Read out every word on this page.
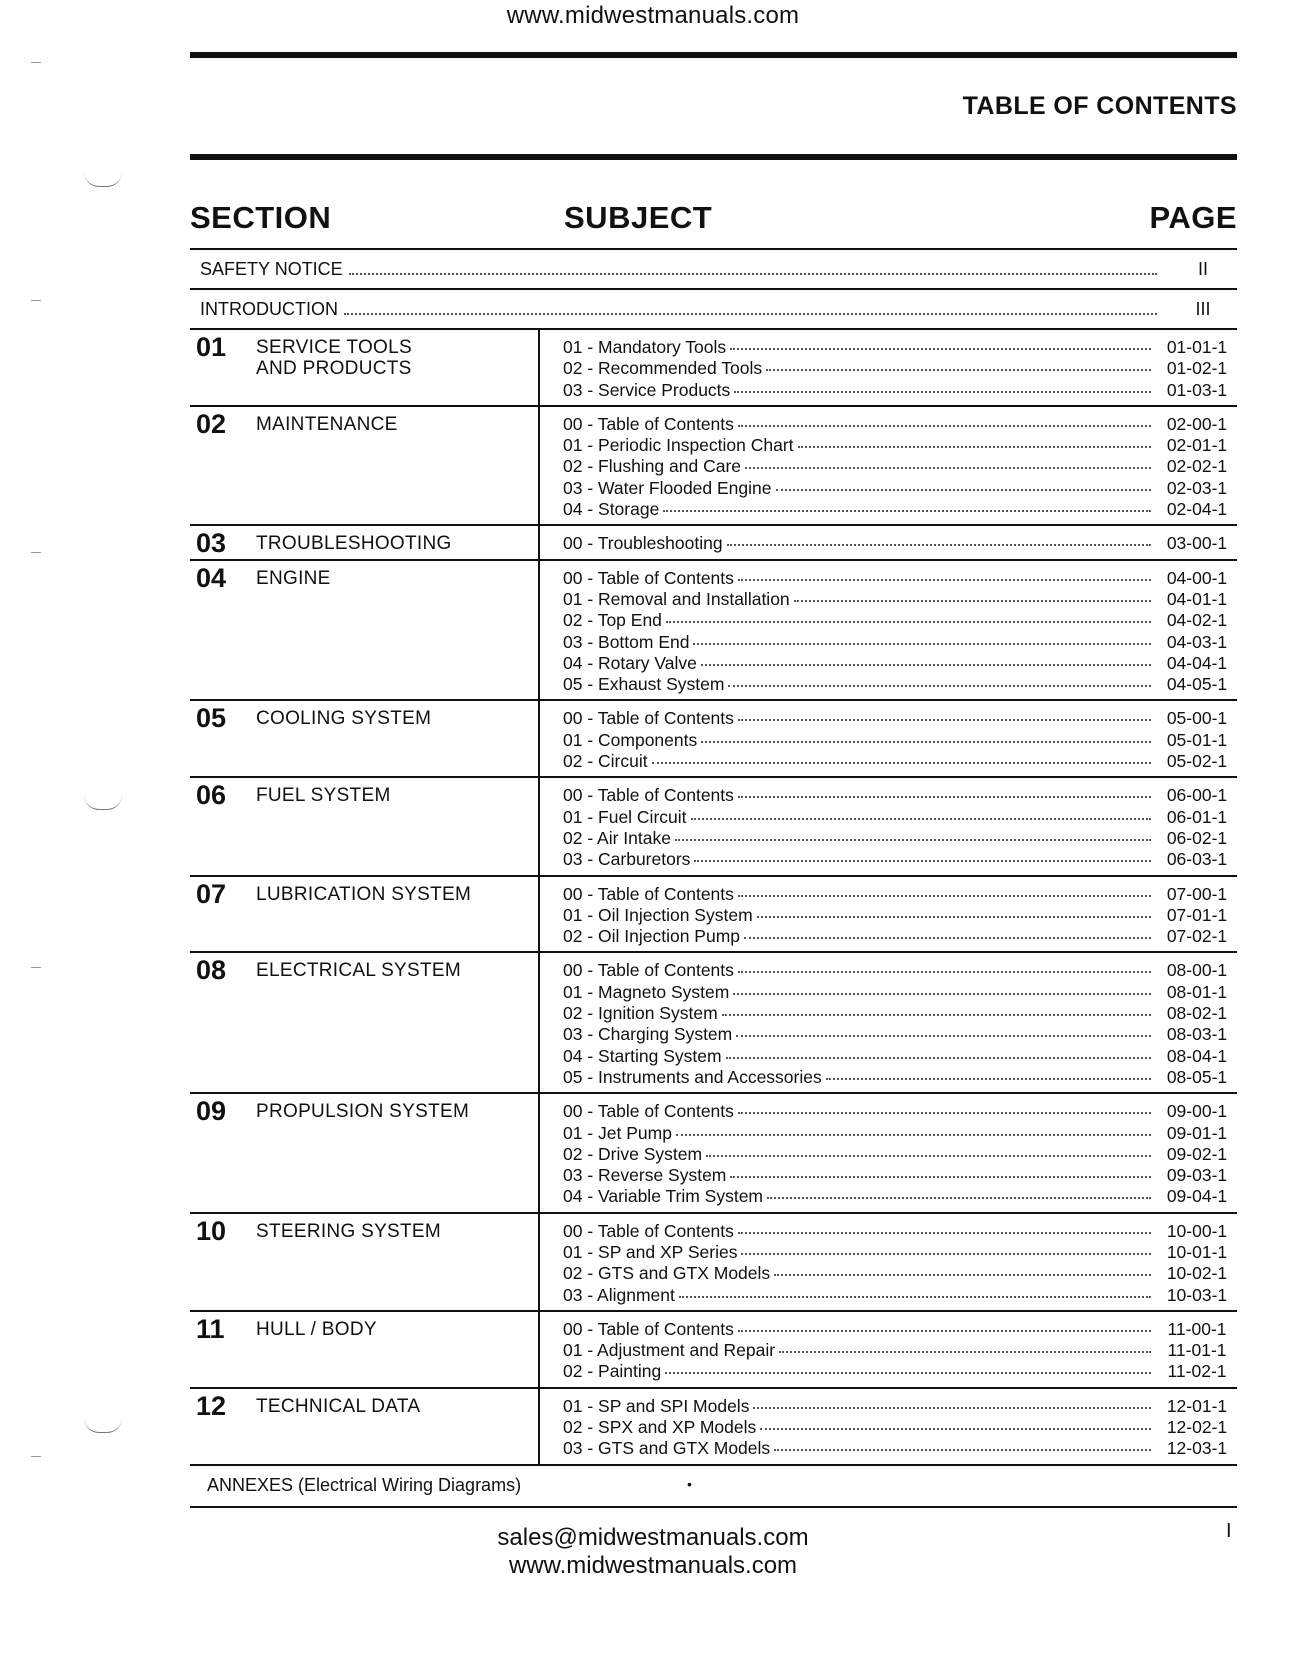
www.midwestmanuals.com
TABLE OF CONTENTS
SECTION	SUBJECT	PAGE
SAFETY NOTICE	II
INTRODUCTION	III
01	SERVICE TOOLS
AND PRODUCTS
01 - Mandatory Tools	01-01-1
02 - Recommended Tools	01-02-1
03 - Service Products	01-03-1
02	MAINTENANCE	00 - Table of Contents	02-00-1
01 - Periodic Inspection Chart	02-01-1
02 - Flushing and Care	02-02-1
03 - Water Flooded Engine	02-03-1
04 - Storage	02-04-1
03	TROUBLESHOOTING	00 - Troubleshooting	03-00-1
04	ENGINE	00 - Table of Contents	04-00-1
01 - Removal and Installation	04-01-1
02 - Top End	04-02-1
03 - Bottom End	04-03-1
04 - Rotary Valve	04-04-1
05 - Exhaust System	04-05-1
05	COOLING SYSTEM	00 - Table of Contents	05-00-1
01 - Components	05-01-1
02 - Circuit	05-02-1
06	FUEL SYSTEM	00 - Table of Contents	06-00-1
01 - Fuel Circuit	06-01-1
02 - Air Intake	06-02-1
03 - Carburetors	06-03-1
07	LUBRICATION SYSTEM	00 - Table of Contents	07-00-1
01 - Oil Injection System	07-01-1
02 - Oil Injection Pump	07-02-1
08	ELECTRICAL SYSTEM	00 - Table of Contents	08-00-1
01 - Magneto System	08-01-1
02 - Ignition System	08-02-1
03 - Charging System	08-03-1
04 - Starting System	08-04-1
05 - Instruments and Accessories	08-05-1
09	PROPULSION SYSTEM	00 - Table of Contents	09-00-1
01 - Jet Pump	09-01-1
02 - Drive System	09-02-1
03 - Reverse System	09-03-1
04 - Variable Trim System	09-04-1
10	STEERING SYSTEM	00 - Table of Contents	10-00-1
01 - SP and XP Series	10-01-1
02 - GTS and GTX Models	10-02-1
03 - Alignment	10-03-1
11	HULL / BODY	00 - Table of Contents	11-00-1
01 - Adjustment and Repair	11-01-1
02 - Painting	11-02-1
12	TECHNICAL DATA	01 - SP and SPI Models	12-01-1
02 - SPX and XP Models	12-02-1
03 - GTS and GTX Models	12-03-1
ANNEXES (Electrical Wiring Diagrams)	•
sales@midwestmanuals.com
www.midwestmanuals.com
I
